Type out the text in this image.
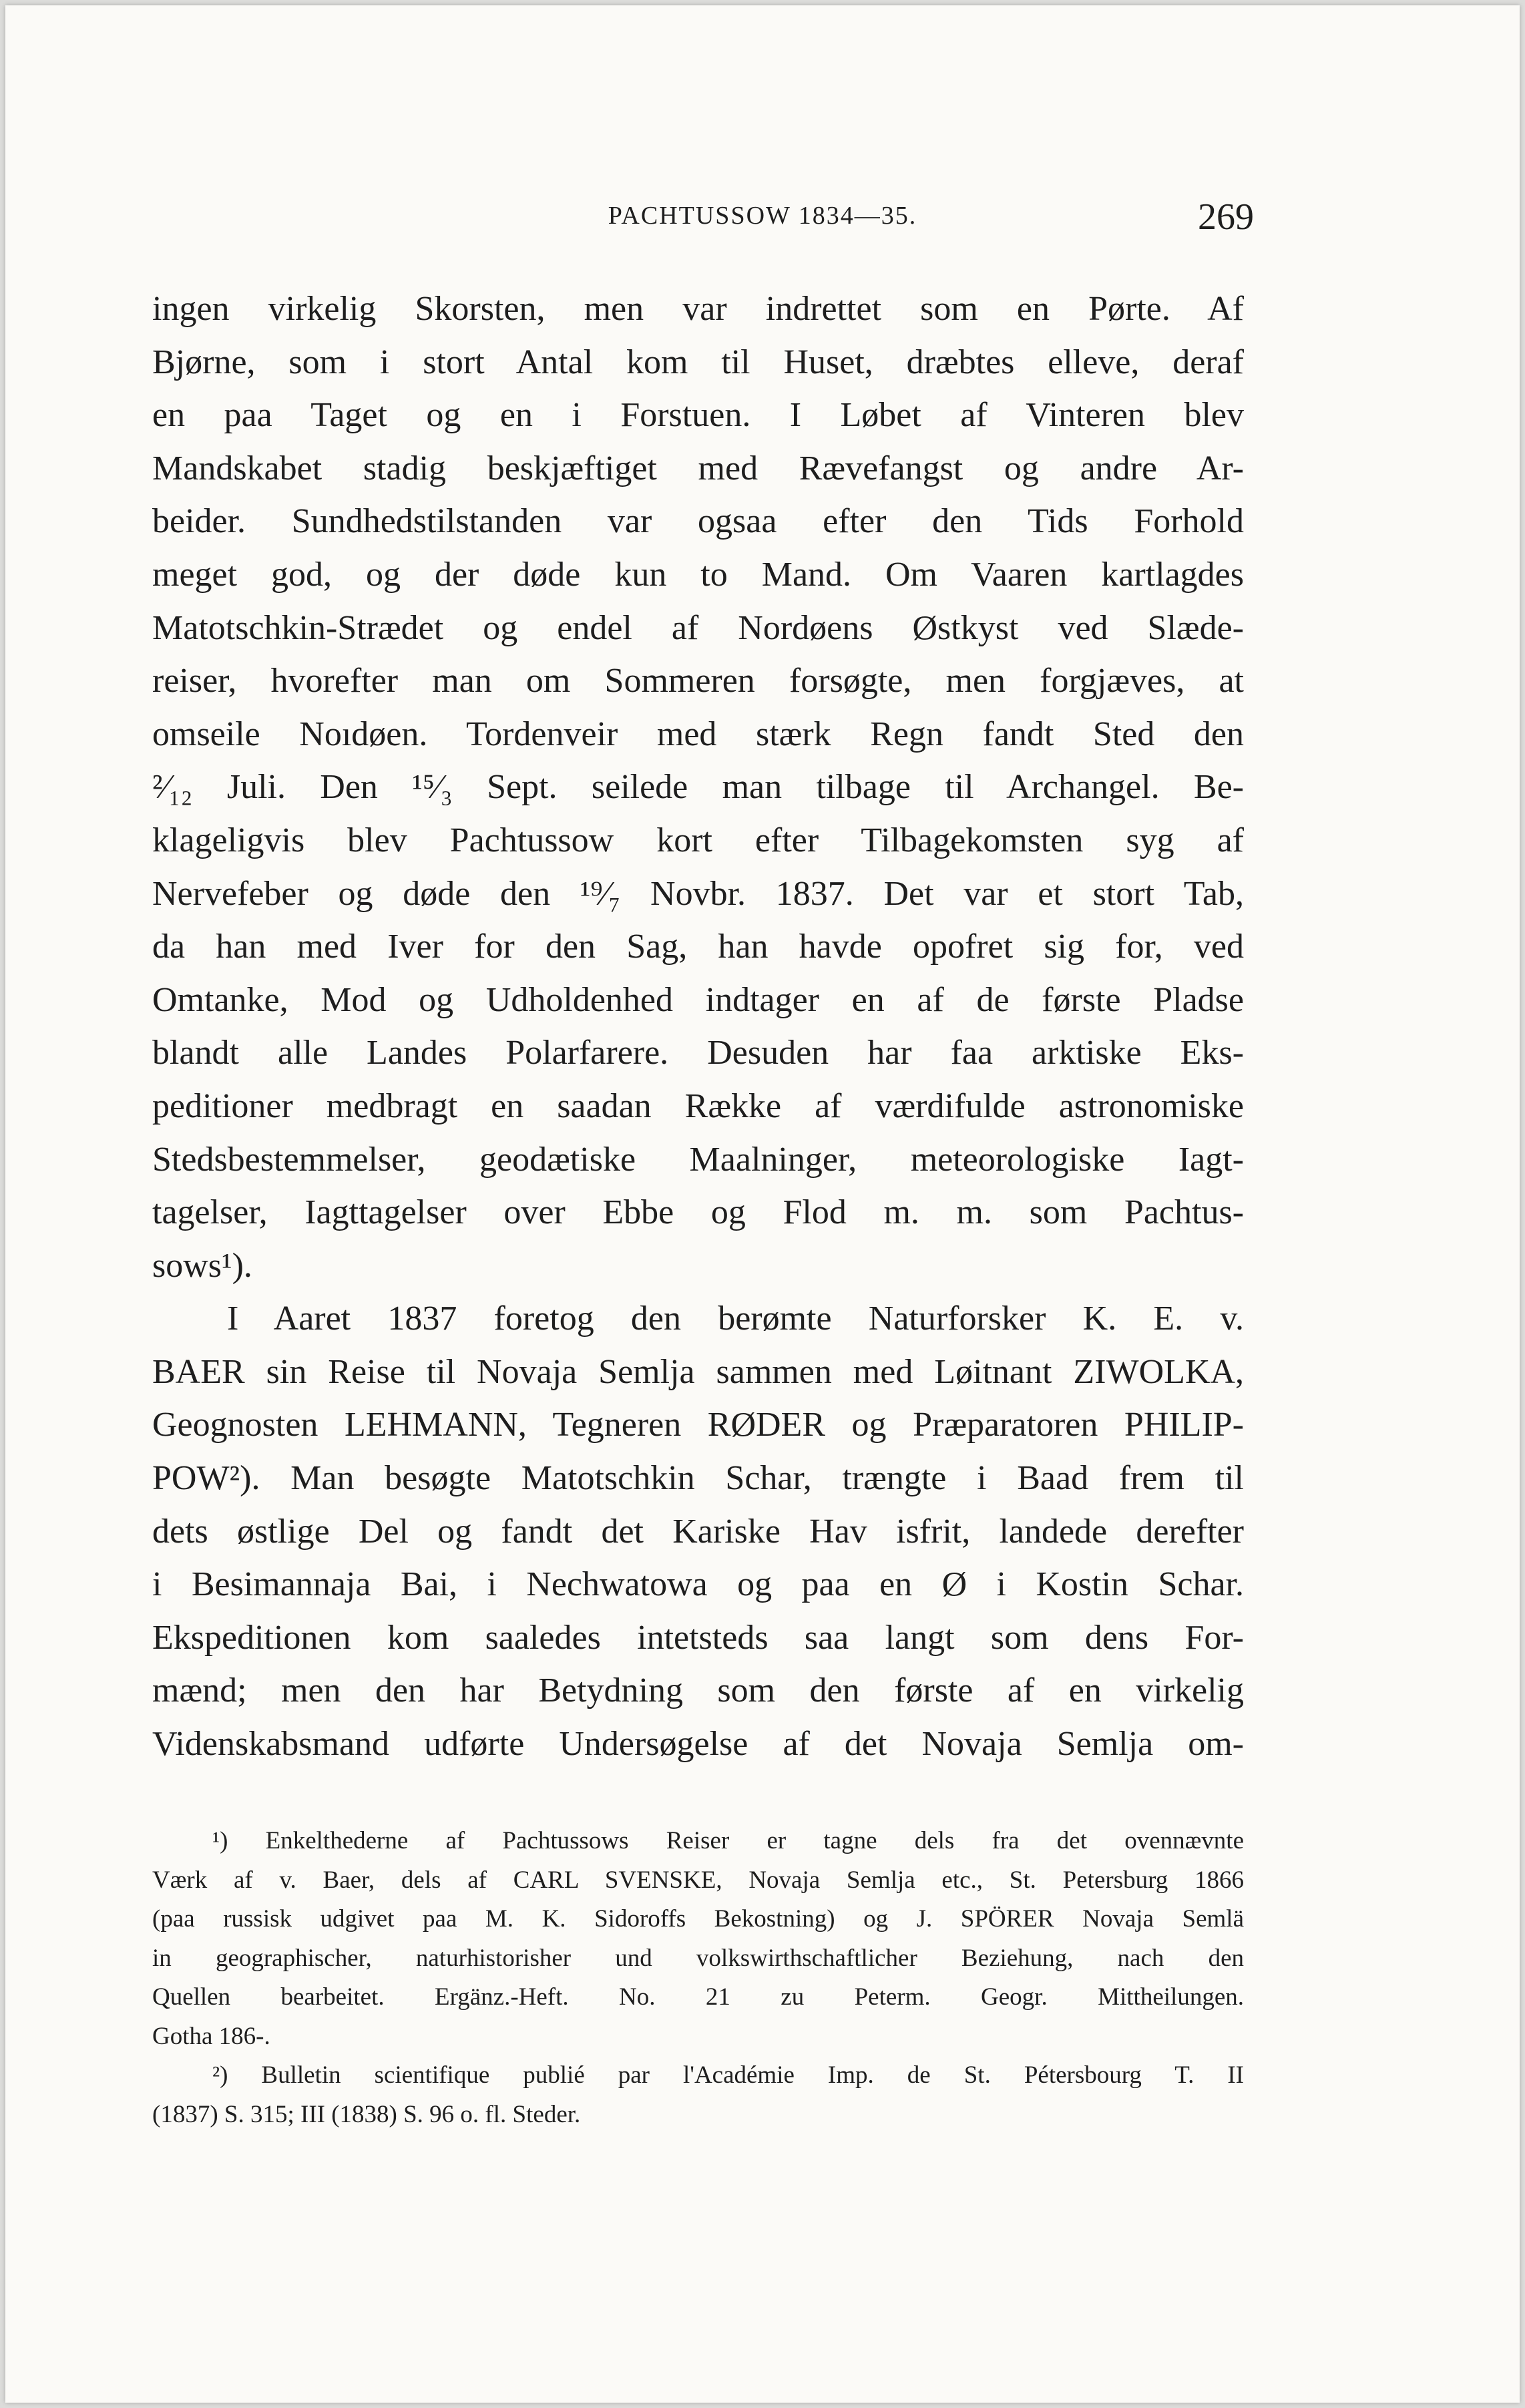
PACHTUSSOW 1834—35.	269
ingen virkelig Skorsten, men var indrettet som en Pørte. Af
Bjørne, som i stort Antal kom til Huset, dræbtes elleve, deraf
en paa Taget og en i Forstuen. I Løbet af Vinteren blev
Mandskabet stadig beskjæftiget med Rævefangst og andre Ar-
beider. Sundhedstilstanden var ogsaa efter den Tids Forhold
meget god, og der døde kun to Mand. Om Vaaren kartlagdes
Matotschkin-Strædet og endel af Nordøens Østkyst ved Slæde-
reiser, hvorefter man om Sommeren forsøgte, men forgjæves, at
omseile Noıdøen. Tordenveir med stærk Regn fandt Sted den
²⁄₁₂ Juli. Den ¹⁵⁄₃ Sept. seilede man tilbage til Archangel. Be-
klageligvis blev Pachtussow kort efter Tilbagekomsten syg af
Nervefeber og døde den ¹⁹⁄₇ Novbr. 1837. Det var et stort Tab,
da han med Iver for den Sag, han havde opofret sig for, ved
Omtanke, Mod og Udholdenhed indtager en af de første Pladse
blandt alle Landes Polarfarere. Desuden har faa arktiske Eks-
peditioner medbragt en saadan Række af værdifulde astronomiske
Stedsbestemmelser, geodætiske Maalninger, meteorologiske Iagt-
tagelser, Iagttagelser over Ebbe og Flod m. m. som Pachtus-
sows¹).
I Aaret 1837 foretog den berømte Naturforsker K. E. v.
BAER sin Reise til Novaja Semlja sammen med Løitnant ZIWOLKA,
Geognosten LEHMANN, Tegneren RØDER og Præparatoren PHILIP-
POW²). Man besøgte Matotschkin Schar, trængte i Baad frem til
dets østlige Del og fandt det Kariske Hav isfrit, landede derefter
i Besimannaja Bai, i Nechwatowa og paa en Ø i Kostin Schar.
Ekspeditionen kom saaledes intetsteds saa langt som dens For-
mænd; men den har Betydning som den første af en virkelig
Videnskabsmand udførte Undersøgelse af det Novaja Semlja om-
¹) Enkelthederne af Pachtussows Reiser er tagne dels fra det ovennævnte
Værk af v. Baer, dels af CARL SVENSKE, Novaja Semlja etc., St. Petersburg 1866
(paa russisk udgivet paa M. K. Sidoroffs Bekostning) og J. SPÖRER Novaja Semlä
in geographischer, naturhistorisher und volkswirthschaftlicher Beziehung, nach den
Quellen bearbeitet. Ergänz.-Heft. No. 21 zu Peterm. Geogr. Mittheilungen.
Gotha 186-.
²) Bulletin scientifique publié par l'Académie Imp. de St. Pétersbourg T. II
(1837) S. 315; III (1838) S. 96 o. fl. Steder.
